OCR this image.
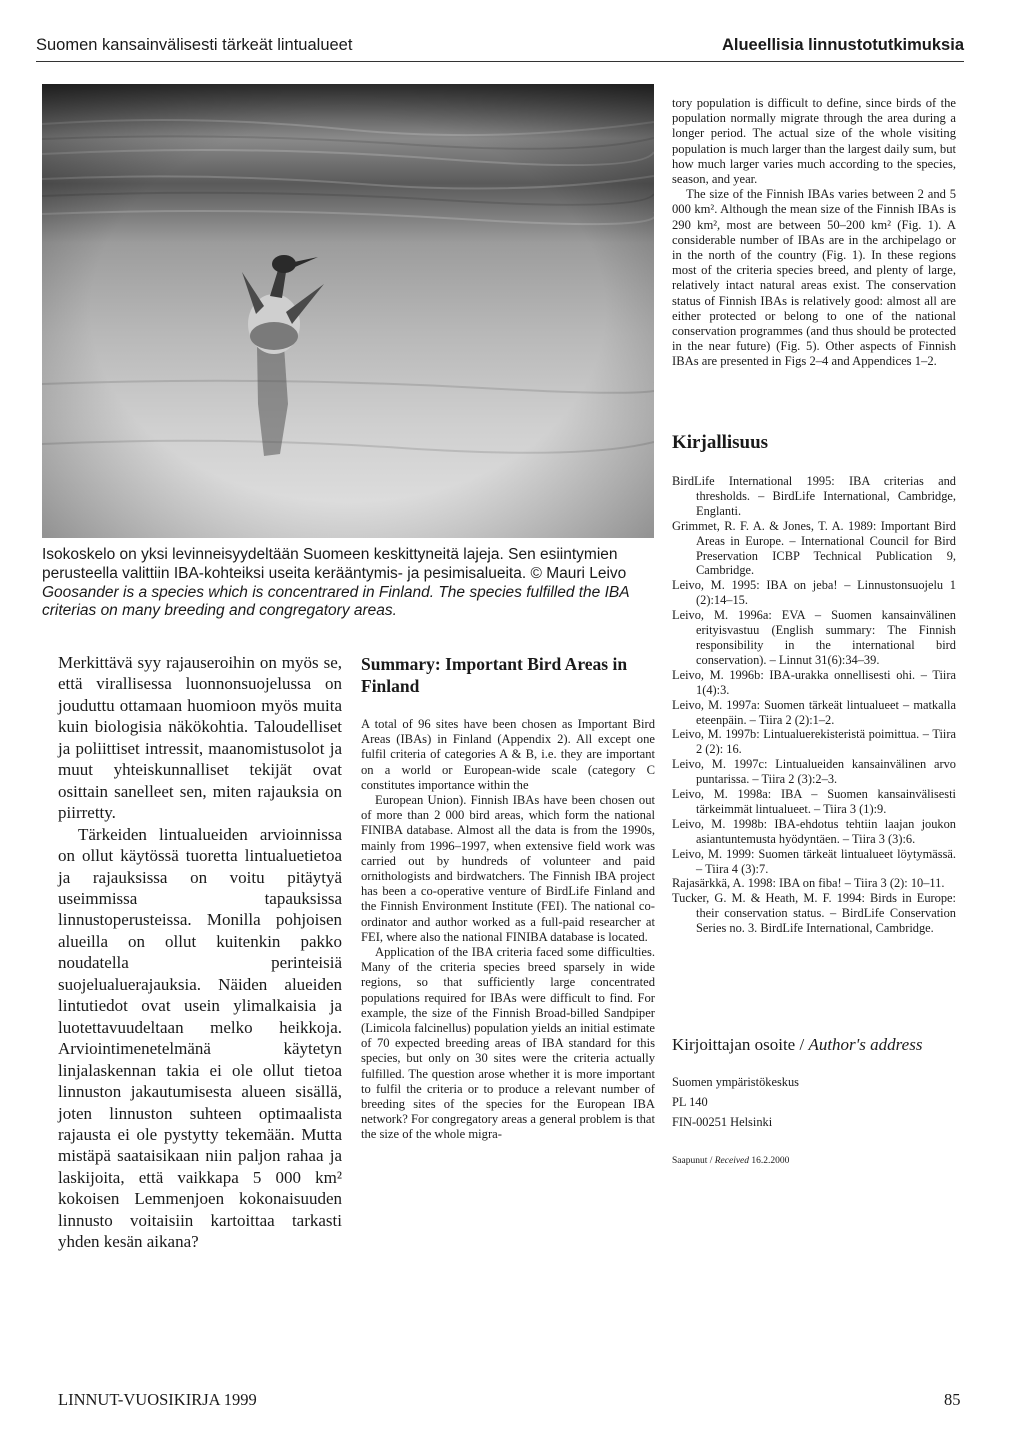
Suomen kansainvälisesti tärkeät lintualueet	Alueellisia linnustotutkimuksia
Isokoskelo on yksi levinneisyydeltään Suomeen keskittyneitä lajeja. Sen esiintymien perusteella valittiin IBA-kohteiksi useita kerääntymis- ja pesimisalueita. © Mauri Leivo
Goosander is a species which is concentrared in Finland. The species fulfilled the IBA criterias on many breeding and congregatory areas.

Merkittävä syy rajauseroihin on myös se, että virallisessa luonnonsuojelussa on jouduttu ottamaan huomioon myös muita kuin biologisia näkökohtia. Taloudelliset ja poliittiset intressit, maanomistusolot ja muut yhteiskunnalliset tekijät ovat osittain sanelleet sen, miten rajauksia on piirretty.

Tärkeiden lintualueiden arvioinnissa on ollut käytössä tuoretta lintualuetietoa ja rajauksissa on voitu pitäytyä useimmissa tapauksissa linnustoperusteissa. Monilla pohjoisen alueilla on ollut kuitenkin pakko noudatella perinteisiä suojelualuerajauksia. Näiden alueiden lintutiedot ovat usein ylimalkaisia ja luotettavuudeltaan melko heikkoja. Arviointimenetelmänä käytetyn linjalaskennan takia ei ole ollut tietoa linnuston jakautumisesta alueen sisällä, joten linnuston suhteen optimaalista rajausta ei ole pystytty tekemään. Mutta mistäpä saataisikaan niin paljon rahaa ja laskijoita, että vaikkapa 5 000 km² kokoisen Lemmenjoen kokonaisuuden linnusto voitaisiin kartoittaa tarkasti yhden kesän aikana?

Summary: Important Bird Areas in Finland

A total of 96 sites have been chosen as Important Bird Areas (IBAs) in Finland (Appendix 2). All except one fulfil criteria of categories A & B, i.e. they are important on a world or European-wide scale (category C constitutes importance within the

European Union). Finnish IBAs have been chosen out of more than 2 000 bird areas, which form the national FINIBA database. Almost all the data is from the 1990s, mainly from 1996–1997, when extensive field work was carried out by hundreds of volunteer and paid ornithologists and birdwatchers. The Finnish IBA project has been a co-operative venture of BirdLife Finland and the Finnish Environment Institute (FEI). The national co-ordinator and author worked as a full-paid researcher at FEI, where also the national FINIBA database is located.

Application of the IBA criteria faced some difficulties. Many of the criteria species breed sparsely in wide regions, so that sufficiently large concentrated populations required for IBAs were difficult to find. For example, the size of the Finnish Broad-billed Sandpiper (Limicola falcinellus) population yields an initial estimate of 70 expected breeding areas of IBA standard for this species, but only on 30 sites were the criteria actually fulfilled. The question arose whether it is more important to fulfil the criteria or to produce a relevant number of breeding sites of the species for the European IBA network? For congregatory areas a general problem is that the size of the whole migra-

tory population is difficult to define, since birds of the population normally migrate through the area during a longer period. The actual size of the whole visiting population is much larger than the largest daily sum, but how much larger varies much according to the species, season, and year.

The size of the Finnish IBAs varies between 2 and 5 000 km². Although the mean size of the Finnish IBAs is 290 km², most are between 50–200 km² (Fig. 1). A considerable number of IBAs are in the archipelago or in the north of the country (Fig. 1). In these regions most of the criteria species breed, and plenty of large, relatively intact natural areas exist. The conservation status of Finnish IBAs is relatively good: almost all are either protected or belong to one of the national conservation programmes (and thus should be protected in the near future) (Fig. 5). Other aspects of Finnish IBAs are presented in Figs 2–4 and Appendices 1–2.

Kirjallisuus
BirdLife International 1995: IBA criterias and thresholds. – BirdLife International, Cambridge, Englanti.
Grimmet, R. F. A. & Jones, T. A. 1989: Important Bird Areas in Europe. – International Council for Bird Preservation ICBP Technical Publication 9, Cambridge.
Leivo, M. 1995: IBA on jeba! – Linnustonsuojelu 1 (2):14–15.
Leivo, M. 1996a: EVA – Suomen kansainvälinen erityisvastuu (English summary: The Finnish responsibility in the international bird conservation). – Linnut 31(6):34–39.
Leivo, M. 1996b: IBA-urakka onnellisesti ohi. – Tiira 1(4):3.
Leivo, M. 1997a: Suomen tärkeät lintualueet – matkalla eteenpäin. – Tiira 2 (2):1–2.
Leivo, M. 1997b: Lintualuerekisteristä poimittua. – Tiira 2 (2): 16.
Leivo, M. 1997c: Lintualueiden kansainvälinen arvo puntarissa. – Tiira 2 (3):2–3.
Leivo, M. 1998a: IBA – Suomen kansainvälisesti tärkeimmät lintualueet. – Tiira 3 (1):9.
Leivo, M. 1998b: IBA-ehdotus tehtiin laajan joukon asiantuntemusta hyödyntäen. – Tiira 3 (3):6.
Leivo, M. 1999: Suomen tärkeät lintualueet löytymässä. – Tiira 4 (3):7.
Rajasärkkä, A. 1998: IBA on fiba! – Tiira 3 (2): 10–11.
Tucker, G. M. & Heath, M. F. 1994: Birds in Europe: their conservation status. – BirdLife Conservation Series no. 3. BirdLife International, Cambridge.
Kirjoittajan osoite / Author's address
Suomen ympäristökeskus
PL 140
FIN-00251 Helsinki
Saapunut / Received 16.2.2000
LINNUT-VUOSIKIRJA 1999	85
